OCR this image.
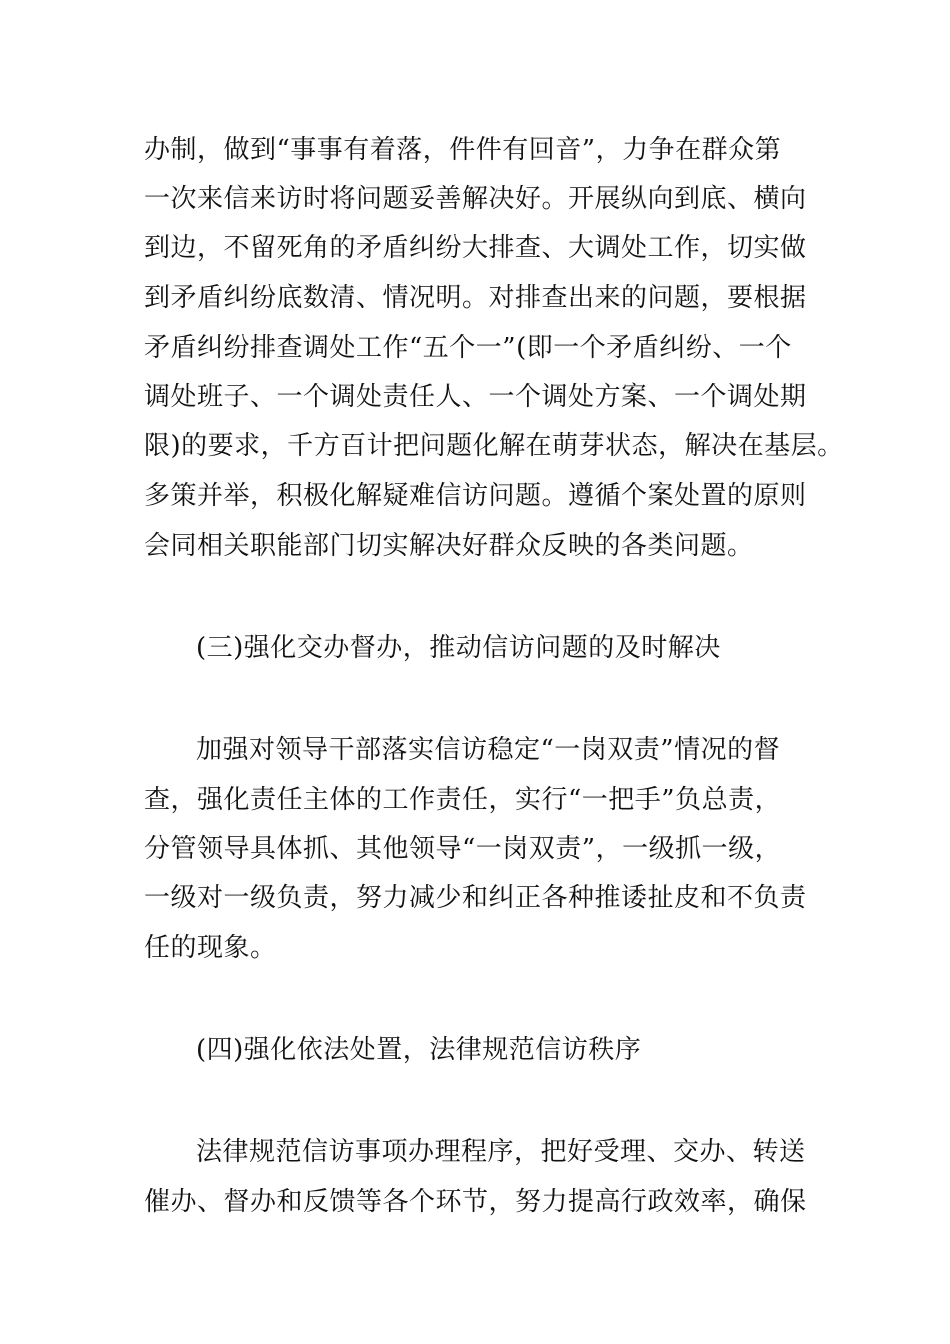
办制，做到“事事有着落，件件有回音”，力争在群众第
一次来信来访时将问题妥善解决好。开展纵向到底、横向
到边，不留死角的矛盾纠纷大排查、大调处工作，切实做
到矛盾纠纷底数清、情况明。对排查出来的问题，要根据
矛盾纠纷排查调处工作“五个一”(即一个矛盾纠纷、一个
调处班子、一个调处责任人、一个调处方案、一个调处期
限)的要求，千方百计把问题化解在萌芽状态，解决在基层。
多策并举，积极化解疑难信访问题。遵循个案处置的原则
会同相关职能部门切实解决好群众反映的各类问题。
(三)强化交办督办，推动信访问题的及时解决
加强对领导干部落实信访稳定“一岗双责”情况的督
查，强化责任主体的工作责任，实行“一把手”负总责，
分管领导具体抓、其他领导“一岗双责”，一级抓一级，
一级对一级负责，努力减少和纠正各种推诿扯皮和不负责
任的现象。
(四)强化依法处置，法律规范信访秩序
法律规范信访事项办理程序，把好受理、交办、转送
催办、督办和反馈等各个环节，努力提高行政效率，确保
